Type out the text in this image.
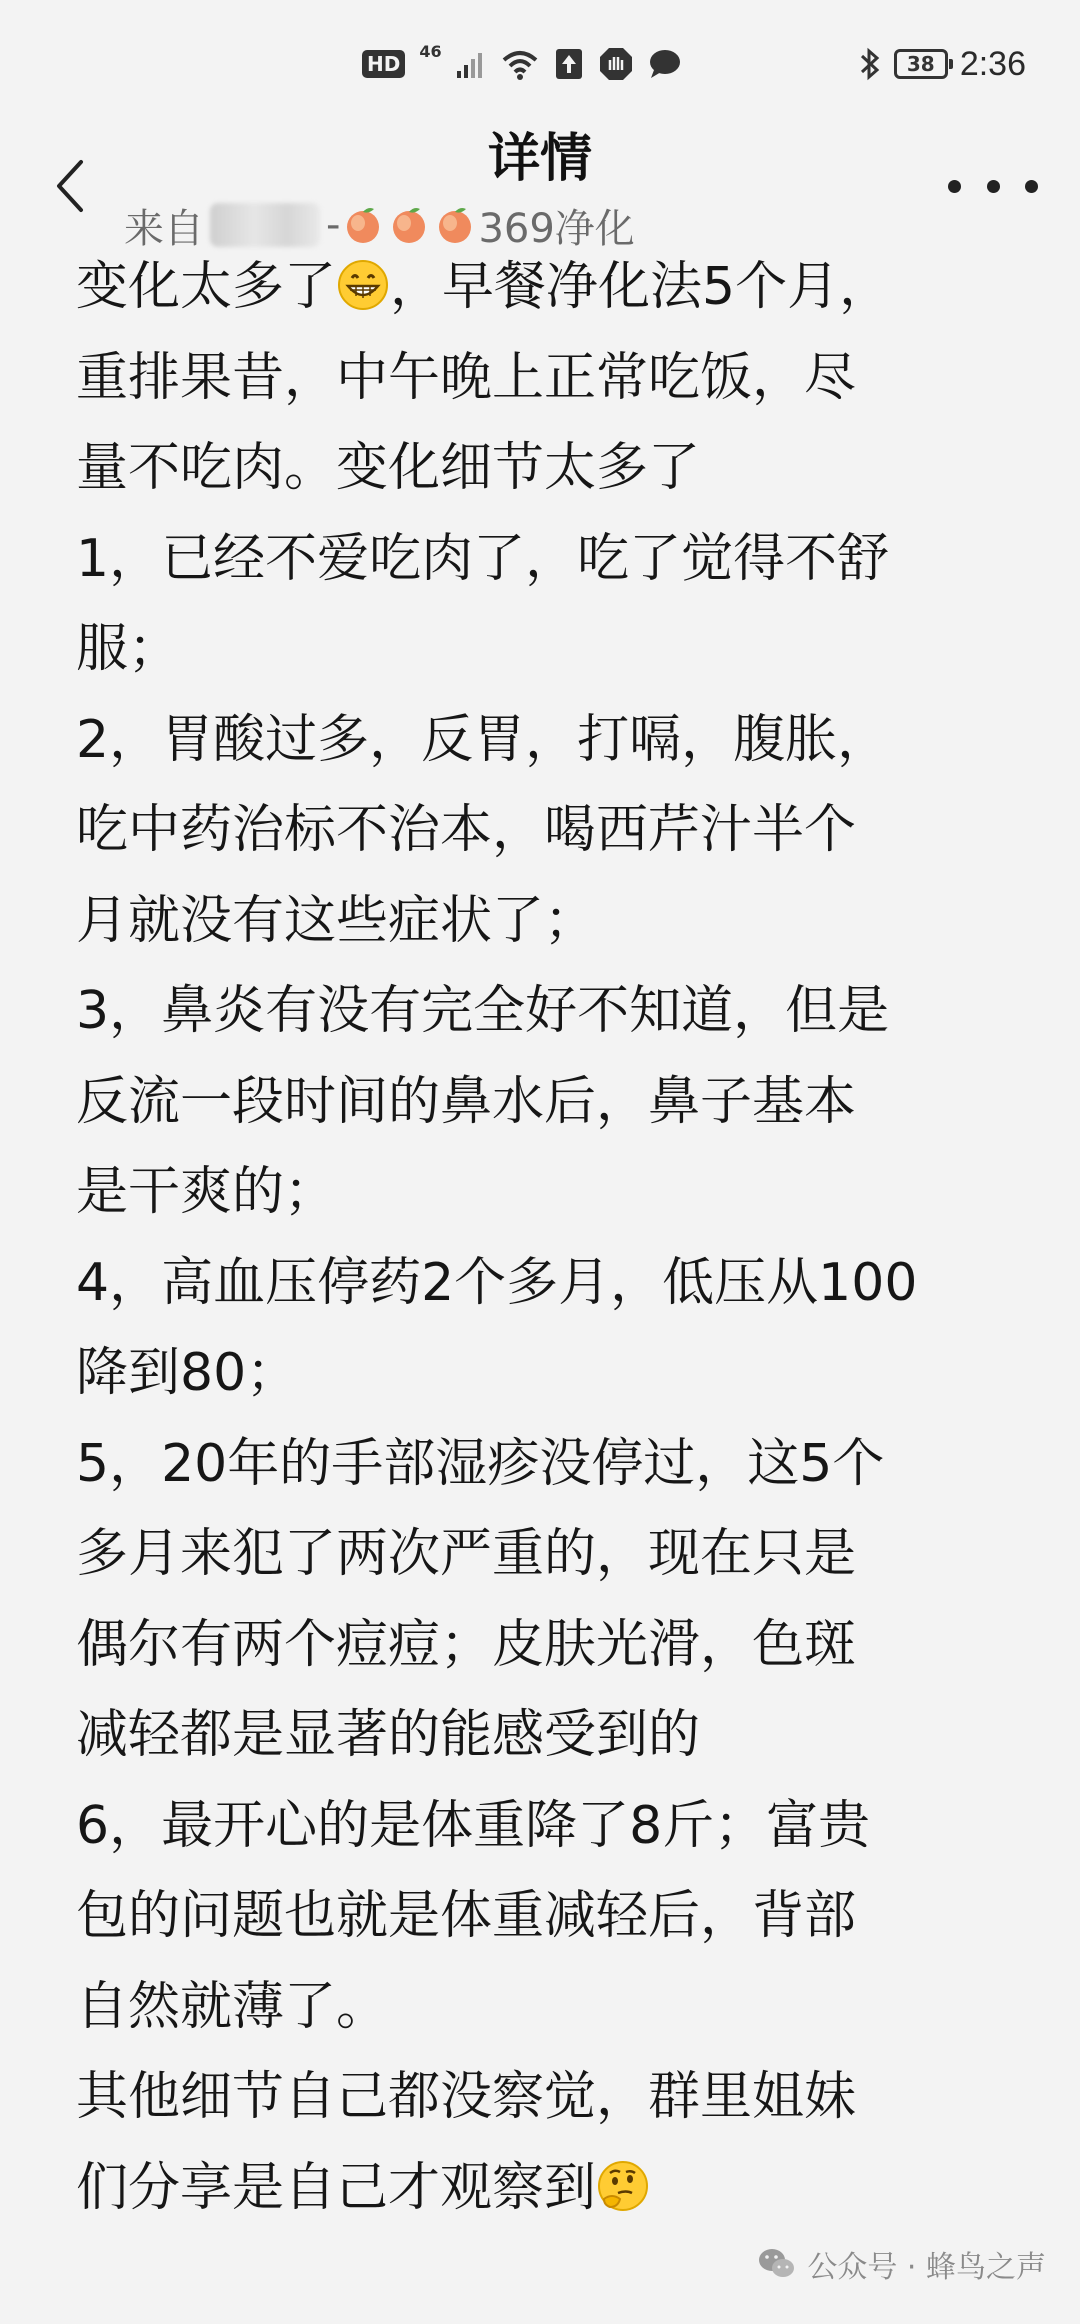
HD
46
38 2:36
详情
来自	-	369净化

变化太多了 ，早餐净化法5个月，

重排果昔，中午晚上正常吃饭，尽

量不吃肉。变化细节太多了

1，已经不爱吃肉了，吃了觉得不舒

服；

2，胃酸过多，反胃，打嗝，腹胀，

吃中药治标不治本，喝西芹汁半个

月就没有这些症状了；

3，鼻炎有没有完全好不知道，但是

反流一段时间的鼻水后，鼻子基本

是干爽的；

4，高血压停药2个多月，低压从100

降到80；

5，20年的手部湿疹没停过，这5个

多月来犯了两次严重的，现在只是

偶尔有两个痘痘；皮肤光滑，色斑

减轻都是显著的能感受到的

6，最开心的是体重降了8斤；富贵

包的问题也就是体重减轻后，背部

自然就薄了。

其他细节自己都没察觉，群里姐妹

们分享是自己才观察到

公众号 · 蜂鸟之声
